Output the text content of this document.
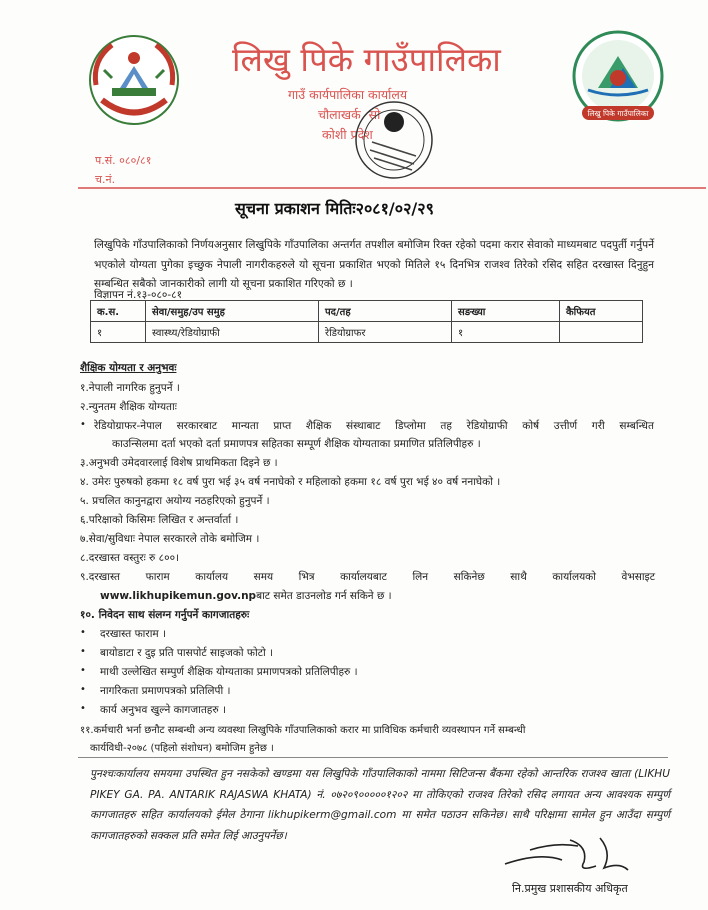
लिखु पिके गाउँपालिका
गाउँ कार्यपालिका कार्यालय
चौलाखर्क, सो
कोशी प्रदेश
लिखु पिके गाउँपालिका
प.सं. ०८०/८१
च.नं.
सूचना प्रकाशन मितिः२०८१/०२/२९
लिखुपिके गाँउपालिकाको निर्णयअनुसार लिखुपिके गाँउपालिका अन्तर्गत तपशील बमोजिम रिक्त रहेको पदमा करार सेवाको माध्यमबाट पदपुर्ती गर्नुपर्ने भएकोले योग्यता पुगेका इच्छुक नेपाली नागरीकहरुले यो सूचना प्रकाशित भएको मितिले १५ दिनभित्र राजश्व तिरेको रसिद सहित दरखास्त दिनुहुन सम्बन्धित सबैको जानकारीको लागी यो सूचना प्रकाशित गरिएको छ ।
विज्ञापन नं.१३-०८०-८१
क.स.	सेवा/समुह/उप समुह	पद/तह	सङख्या	कैफियत
१	स्वास्थ्य/रेडियोग्राफी	रेडियोग्राफर	१	
शैक्षिक योग्यता र अनुभवः
१.नेपाली नागरिक हुनुपर्ने ।
२.न्युनतम शैक्षिक योग्यताः
• रेडियोग्राफर-नेपाल सरकारबाट मान्यता प्राप्त शैक्षिक संस्थाबाट डिप्लोमा तह रेडियोग्राफी कोर्ष उत्तीर्ण गरी सम्बन्धित
काउन्सिलमा दर्ता भएको दर्ता प्रमाणपत्र सहितका सम्पूर्ण शैक्षिक योग्यताका प्रमाणित प्रतिलिपीहरु ।
३.अनुभवी उमेदवारलाई विशेष प्राथमिकता दिइने छ ।
४. उमेरः पुरुषको हकमा १८ वर्ष पुरा भई ३५ वर्ष ननाघेको र महिलाको हकमा १८ वर्ष पुरा भई ४० वर्ष ननाघेको ।
५. प्रचलित कानुनद्वारा अयोग्य नठहरिएको हुनुपर्ने ।
६.परिक्षाको किसिमः लिखित र अन्तर्वार्ता ।
७.सेवा/सुविधाः नेपाल सरकारले तोके बमोजिम ।
८.दरखास्त वस्तुरः रु ८००।
९.दरखास्त फाराम कार्यालय समय भित्र कार्यालयबाट लिन सकिनेछ साथै कार्यालयको वेभसाइट
www.likhupikemun.gov.npबाट समेत डाउनलोड गर्न सकिने छ ।
१०. निवेदन साथ संलग्न गर्नुपर्ने कागजातहरुः
• दरखास्त फाराम ।
• बायोडाटा र दुइ प्रति पासपोर्ट साइजको फोटो ।
• माथी उल्लेखित सम्पुर्ण शैक्षिक योग्यताका प्रमाणपत्रको प्रतिलिपीहरु ।
• नागरिकता प्रमाणपत्रको प्रतिलिपी ।
• कार्य अनुभव खुल्ने कागजातहरु ।
११.कर्मचारी भर्ना छनौट सम्बन्धी अन्य व्यवस्था लिखुपिके गाँउपालिकाको करार मा प्राविधिक कर्मचारी व्यवस्थापन गर्ने सम्बन्धी
कार्यविधी-२०७८ (पहिलो संशोधन) बमोजिम हुनेछ ।
पुनश्चःकार्यालय समयमा उपस्थित हुन नसकेको खण्डमा यस लिखुपिके गाँउपालिकाको नाममा सिटिजन्स बैंकमा रहेको आन्तरिक राजश्व खाता (LIKHU PIKEY GA. PA. ANTARIK RAJASWA KHATA) नं. ०७२०९०००००१२०२ मा तोकिएको राजश्व तिरेको रसिद लगायत अन्य आवश्यक सम्पुर्ण कागजातहरु सहित कार्यालयको ईमेल ठेगाना likhupikerm@gmail.com मा समेत पठाउन सकिनेछ। साथै परिक्षामा सामेल हुन आउँदा सम्पुर्ण कागजातहरुको सक्कल प्रति समेत लिई आउनुपर्नेछ।
नि.प्रमुख प्रशासकीय अधिकृत
